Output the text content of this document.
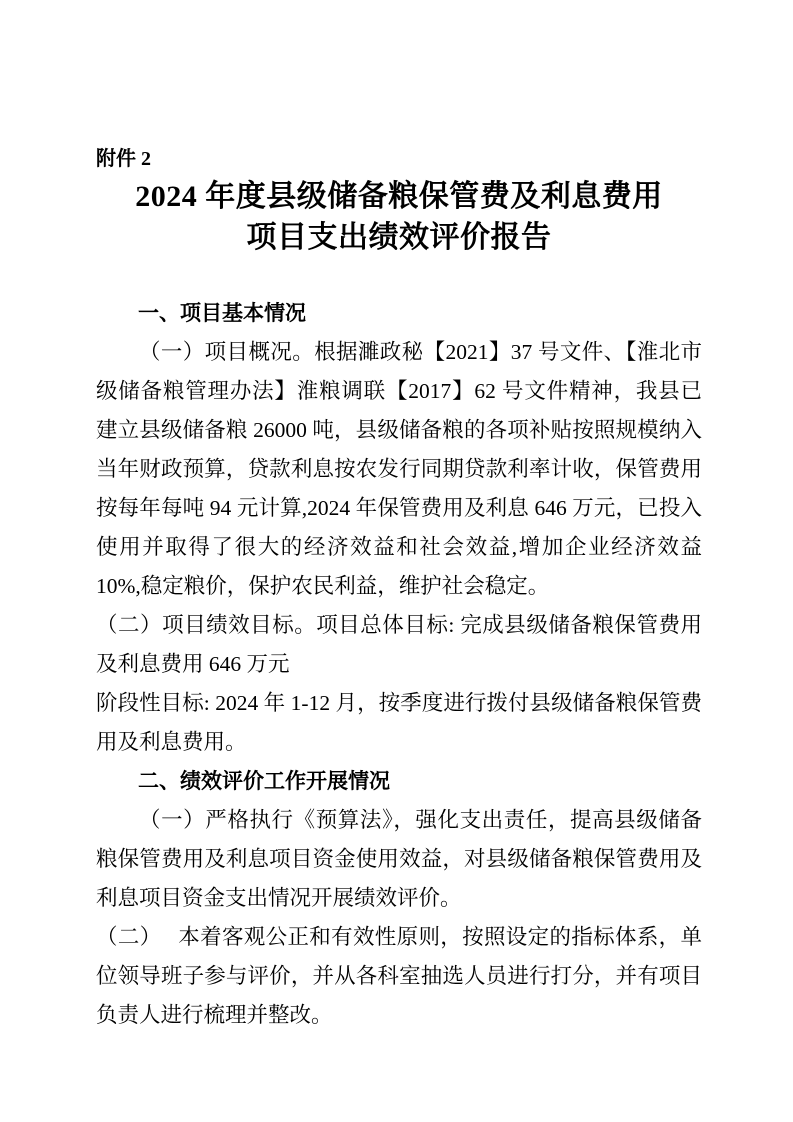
附件 2
2024 年度县级储备粮保管费及利息费用
项目支出绩效评价报告

一、项目基本情况

（一）项目概况。根据濉政秘【2021】37 号文件、【淮北市级储备粮管理办法】淮粮调联【2017】62 号文件精神，我县已建立县级储备粮 26000 吨，县级储备粮的各项补贴按照规模纳入当年财政预算，贷款利息按农发行同期贷款利率计收，保管费用按每年每吨 94 元计算,2024 年保管费用及利息 646 万元，已投入使用并取得了很大的经济效益和社会效益,增加企业经济效益 10%,稳定粮价，保护农民利益，维护社会稳定。

（二）项目绩效目标。项目总体目标: 完成县级储备粮保管费用及利息费用 646 万元

阶段性目标: 2024 年 1-12 月，按季度进行拨付县级储备粮保管费用及利息费用。

二、绩效评价工作开展情况

（一）严格执行《预算法》，强化支出责任，提高县级储备粮保管费用及利息项目资金使用效益，对县级储备粮保管费用及利息项目资金支出情况开展绩效评价。

（二）　 本着客观公正和有效性原则，按照设定的指标体系，单位领导班子参与评价，并从各科室抽选人员进行打分，并有项目负责人进行梳理并整改。
